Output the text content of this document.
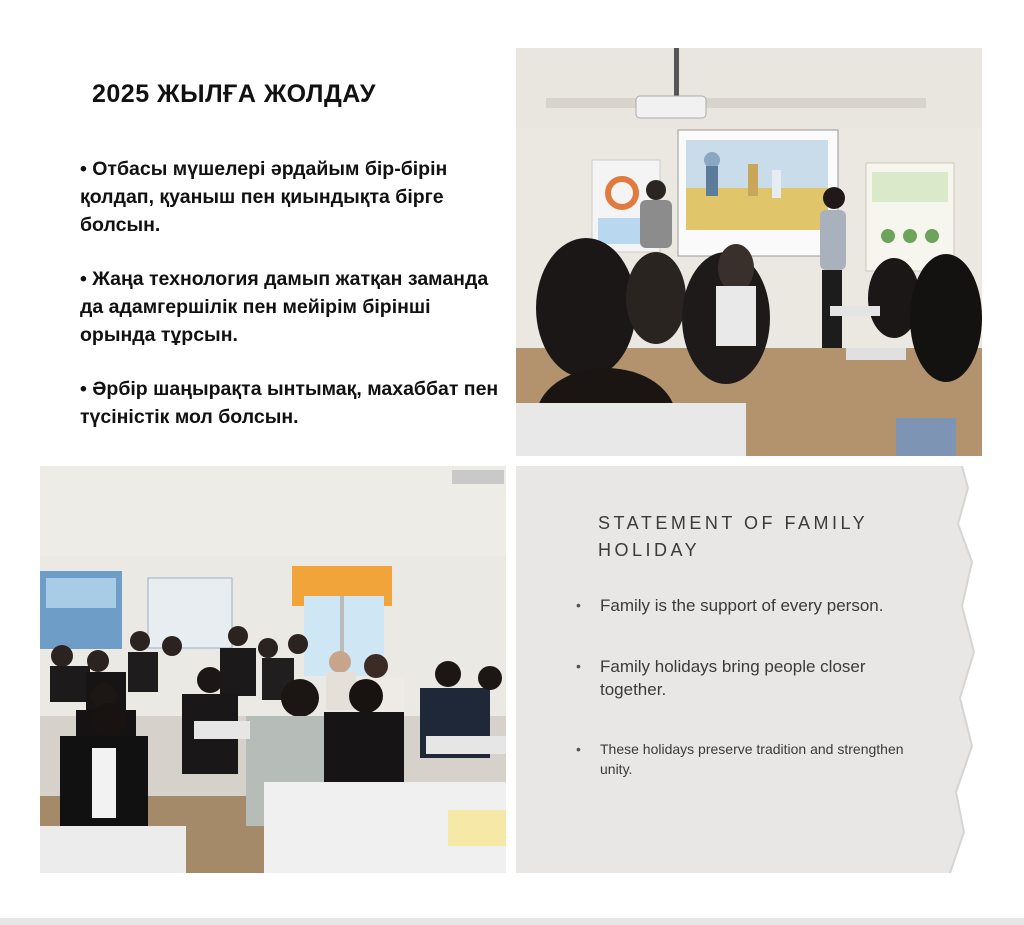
2025 ЖЫЛҒА ЖОЛДАУ
• Отбасы мүшелері әрдайым бір-бірін қолдап, қуаныш пен қиындықта бірге болсын.
• Жаңа технология дамып жатқан заманда да адамгершілік пен мейірім бірінші орында тұрсын.
• Әрбір шаңырақта ынтымақ, махаббат пен түсіністік мол болсын.
STATEMENT OF FAMILY HOLIDAY
• Family is the support of every person.
• Family holidays bring people closer together.
• These holidays preserve tradition and strengthen unity.
